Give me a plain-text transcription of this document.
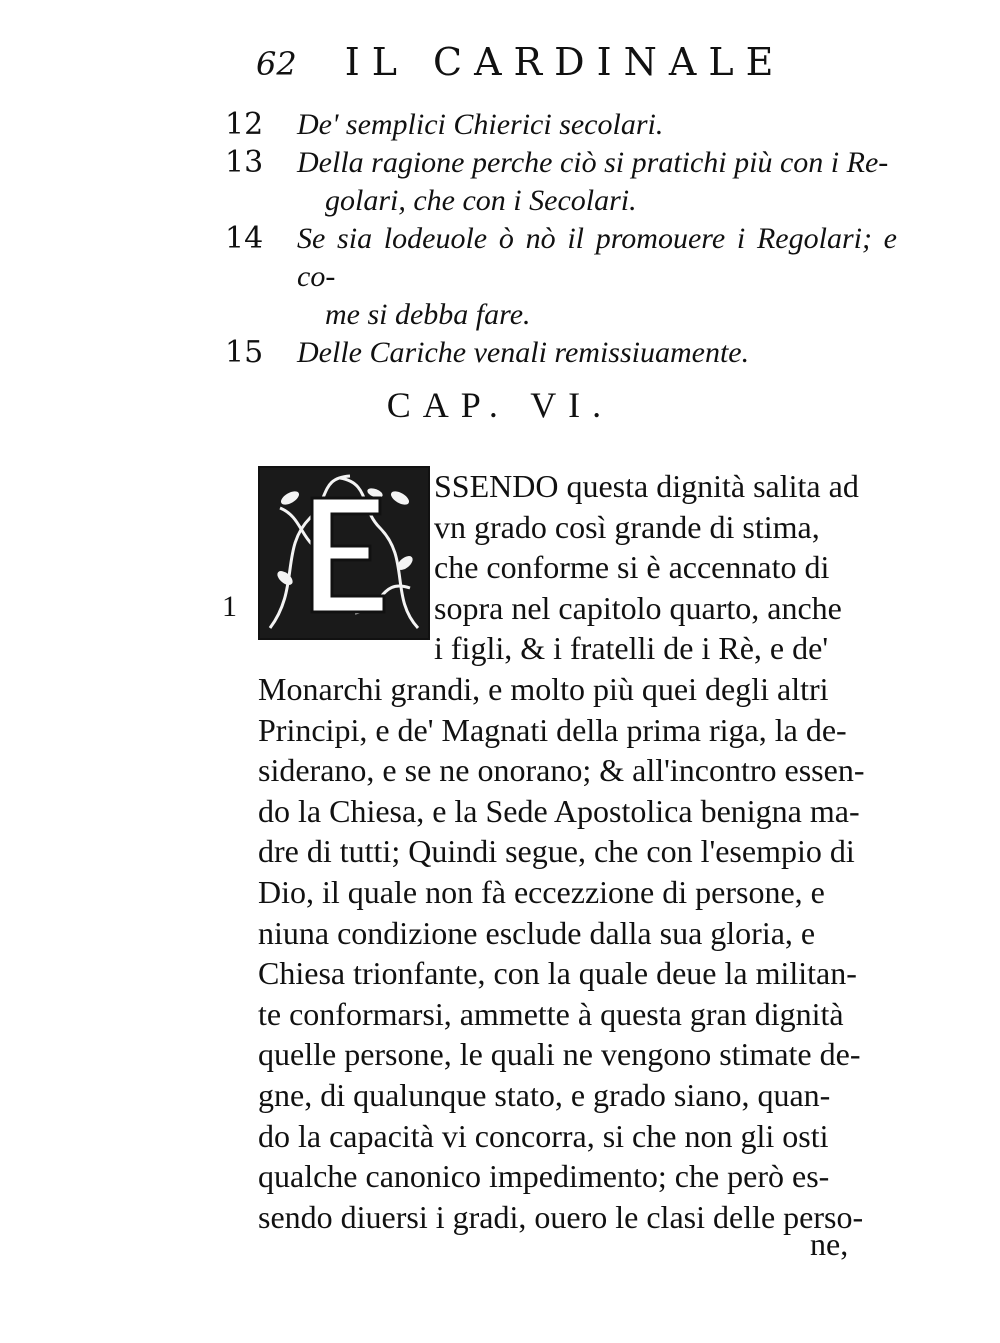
62 IL CARDINALE
12	De' semplici Chierici secolari.
13	Della ragione perche ciò si pratichi più con i Re-
golari, che con i Secolari.
14	Se sia lodeuole ò nò il promouere i Regolari; e co-
me si debba fare.
15	Delle Cariche venali remissiuamente.
CAP. VI.
1
SSENDO questa dignità salita ad
vn grado così grande di stima,
che conforme si è accennato di
sopra nel capitolo quarto, anche
i figli, & i fratelli de i Rè, e de'
Monarchi grandi, e molto più quei degli altri
Principi, e de' Magnati della prima riga, la de-
siderano, e se ne onorano; & all'incontro essen-
do la Chiesa, e la Sede Apostolica benigna ma-
dre di tutti; Quindi segue, che con l'esempio di
Dio, il quale non fà eccezzione di persone, e
niuna condizione esclude dalla sua gloria, e
Chiesa trionfante, con la quale deue la militan-
te conformarsi, ammette à questa gran dignità
quelle persone, le quali ne vengono stimate de-
gne, di qualunque stato, e grado siano, quan-
do la capacità vi concorra, si che non gli osti
qualche canonico impedimento; che però es-
sendo diuersi i gradi, ouero le clasi delle perso-
ne,
